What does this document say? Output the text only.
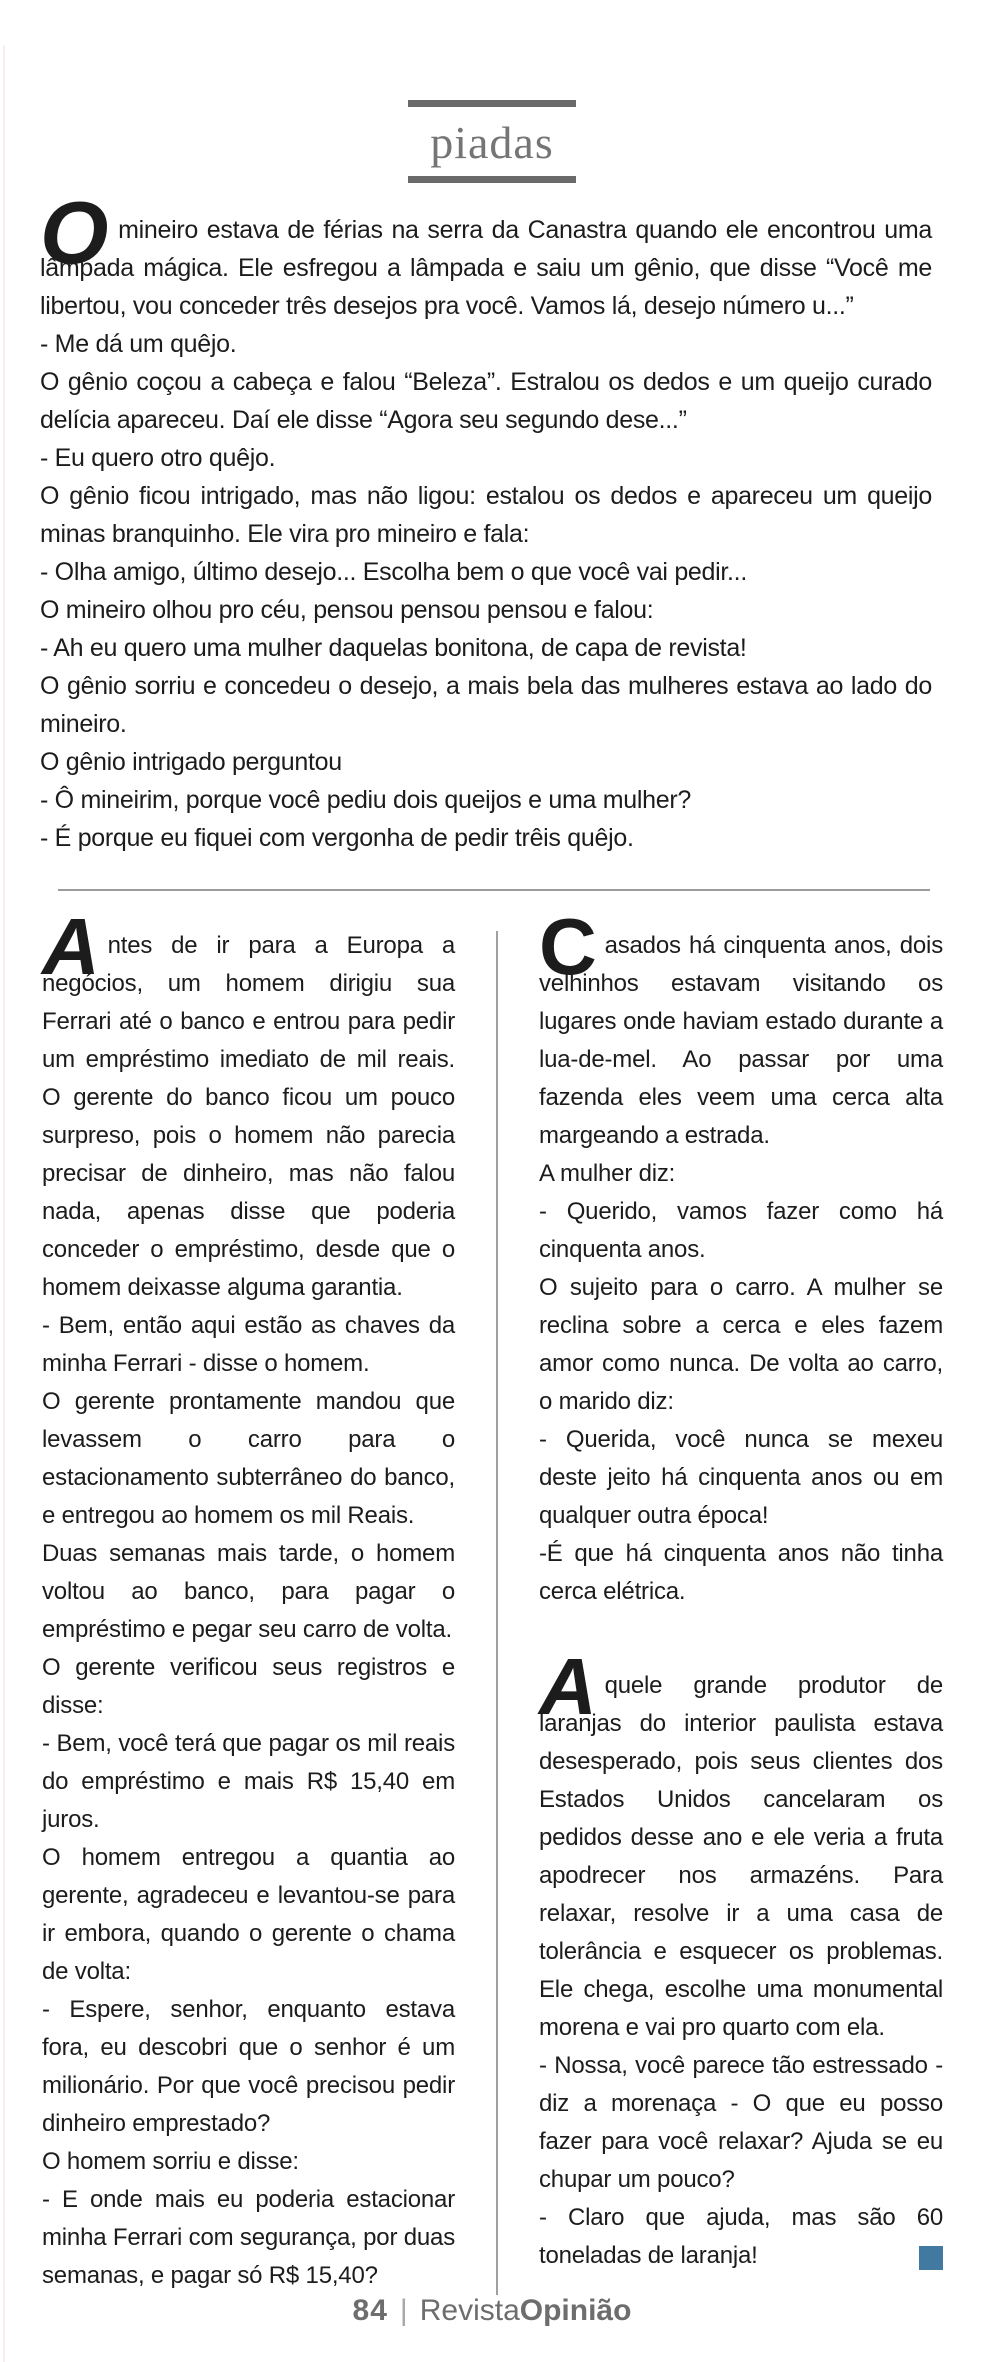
piadas

Omineiro estava de férias na serra da Canastra quando ele encontrou uma lâmpada mágica. Ele esfregou a lâmpada e saiu um gênio, que disse “Você me libertou, vou conceder três desejos pra você. Vamos lá, desejo número u...”

- Me dá um quêjo.

O gênio coçou a cabeça e falou “Beleza”. Estralou os dedos e um queijo curado delícia apareceu. Daí ele disse “Agora seu segundo dese...”

- Eu quero otro quêjo.

O gênio ficou intrigado, mas não ligou: estalou os dedos e apareceu um queijo minas branquinho. Ele vira pro mineiro e fala:

- Olha amigo, último desejo... Escolha bem o que você vai pedir...

O mineiro olhou pro céu, pensou pensou pensou e falou:

- Ah eu quero uma mulher daquelas bonitona, de capa de revista!

O gênio sorriu e concedeu o desejo, a mais bela das mulheres estava ao lado do mineiro.

O gênio intrigado perguntou

- Ô mineirim, porque você pediu dois queijos e uma mulher?

- É porque eu fiquei com vergonha de pedir trêis quêjo.

Antes de ir para a Europa a negócios, um homem dirigiu sua Ferrari até o banco e entrou para pedir um empréstimo imediato de mil reais. O gerente do banco ficou um pouco surpreso, pois o homem não parecia precisar de dinheiro, mas não falou nada, apenas disse que poderia conceder o empréstimo, desde que o homem deixasse alguma garantia.

- Bem, então aqui estão as chaves da minha Ferrari - disse o homem.

O gerente prontamente mandou que levassem o carro para o estacionamento subterrâneo do banco, e entregou ao homem os mil Reais.

Duas semanas mais tarde, o homem voltou ao banco, para pagar o empréstimo e pegar seu carro de volta.

O gerente verificou seus registros e disse:

- Bem, você terá que pagar os mil reais do empréstimo e mais R$ 15,40 em juros.

O homem entregou a quantia ao gerente, agradeceu e levantou-se para ir embora, quando o gerente o chama de volta:

- Espere, senhor, enquanto estava fora, eu descobri que o senhor é um milionário. Por que você precisou pedir dinheiro emprestado?

O homem sorriu e disse:

- E onde mais eu poderia estacionar minha Ferrari com segurança, por duas semanas, e pagar só R$ 15,40?

Casados há cinquenta anos, dois velhinhos estavam visitando os lugares onde haviam estado durante a lua-de-mel. Ao passar por uma fazenda eles veem uma cerca alta margeando a estrada.

A mulher diz:

- Querido, vamos fazer como há cinquenta anos.

O sujeito para o carro. A mulher se reclina sobre a cerca e eles fazem amor como nunca. De volta ao carro, o marido diz:

- Querida, você nunca se mexeu deste jeito há cinquenta anos ou em qualquer outra época!

-É que há cinquenta anos não tinha cerca elétrica.

Aquele grande produtor de laranjas do interior paulista estava desesperado, pois seus clientes dos Estados Unidos cancelaram os pedidos desse ano e ele veria a fruta apodrecer nos armazéns. Para relaxar, resolve ir a uma casa de tolerância e esquecer os problemas. Ele chega, escolhe uma monumental morena e vai pro quarto com ela.

- Nossa, você parece tão estressado - diz a morenaça - O que eu posso fazer para você relaxar? Ajuda se eu chupar um pouco?

- Claro que ajuda, mas são 60 toneladas de laranja!

84 | RevistaOpinião
